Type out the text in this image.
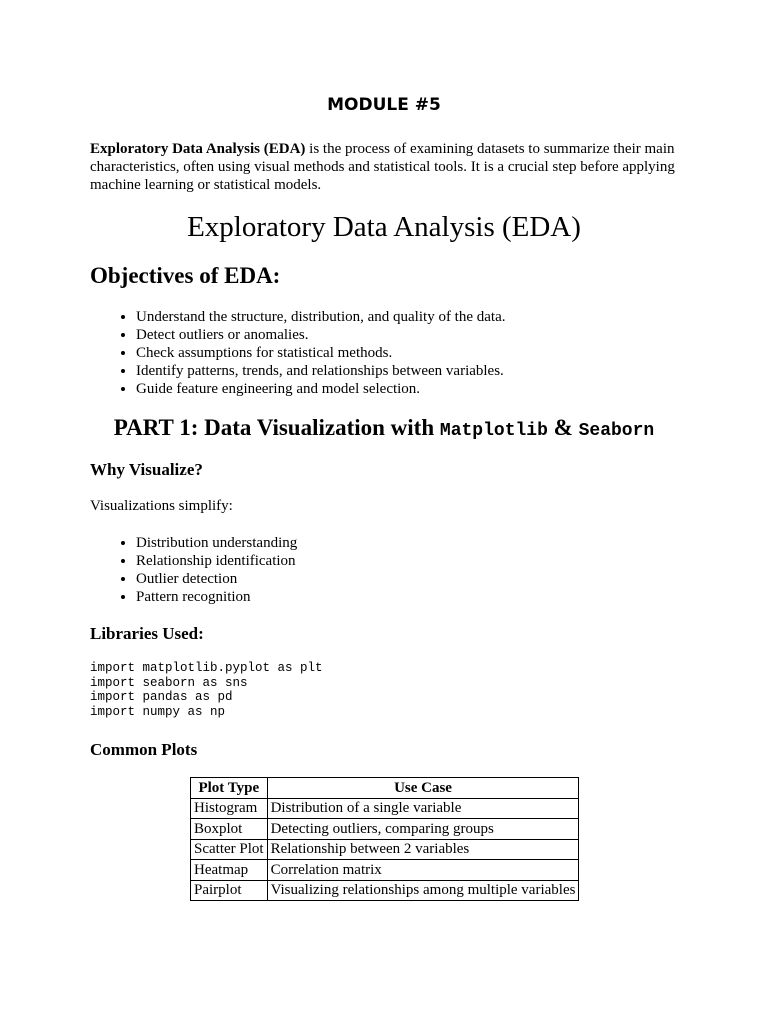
MODULE #5
Exploratory Data Analysis (EDA) is the process of examining datasets to summarize their main characteristics, often using visual methods and statistical tools. It is a crucial step before applying machine learning or statistical models.
Exploratory Data Analysis (EDA)
Objectives of EDA:
• Understand the structure, distribution, and quality of the data.
• Detect outliers or anomalies.
• Check assumptions for statistical methods.
• Identify patterns, trends, and relationships between variables.
• Guide feature engineering and model selection.
PART 1: Data Visualization with Matplotlib & Seaborn
Why Visualize?
Visualizations simplify:
• Distribution understanding
• Relationship identification
• Outlier detection
• Pattern recognition
Libraries Used:
import matplotlib.pyplot as plt
import seaborn as sns
import pandas as pd
import numpy as np
Common Plots
Plot Type	Use Case
Histogram	Distribution of a single variable
Boxplot	Detecting outliers, comparing groups
Scatter Plot	Relationship between 2 variables
Heatmap	Correlation matrix
Pairplot	Visualizing relationships among multiple variables
